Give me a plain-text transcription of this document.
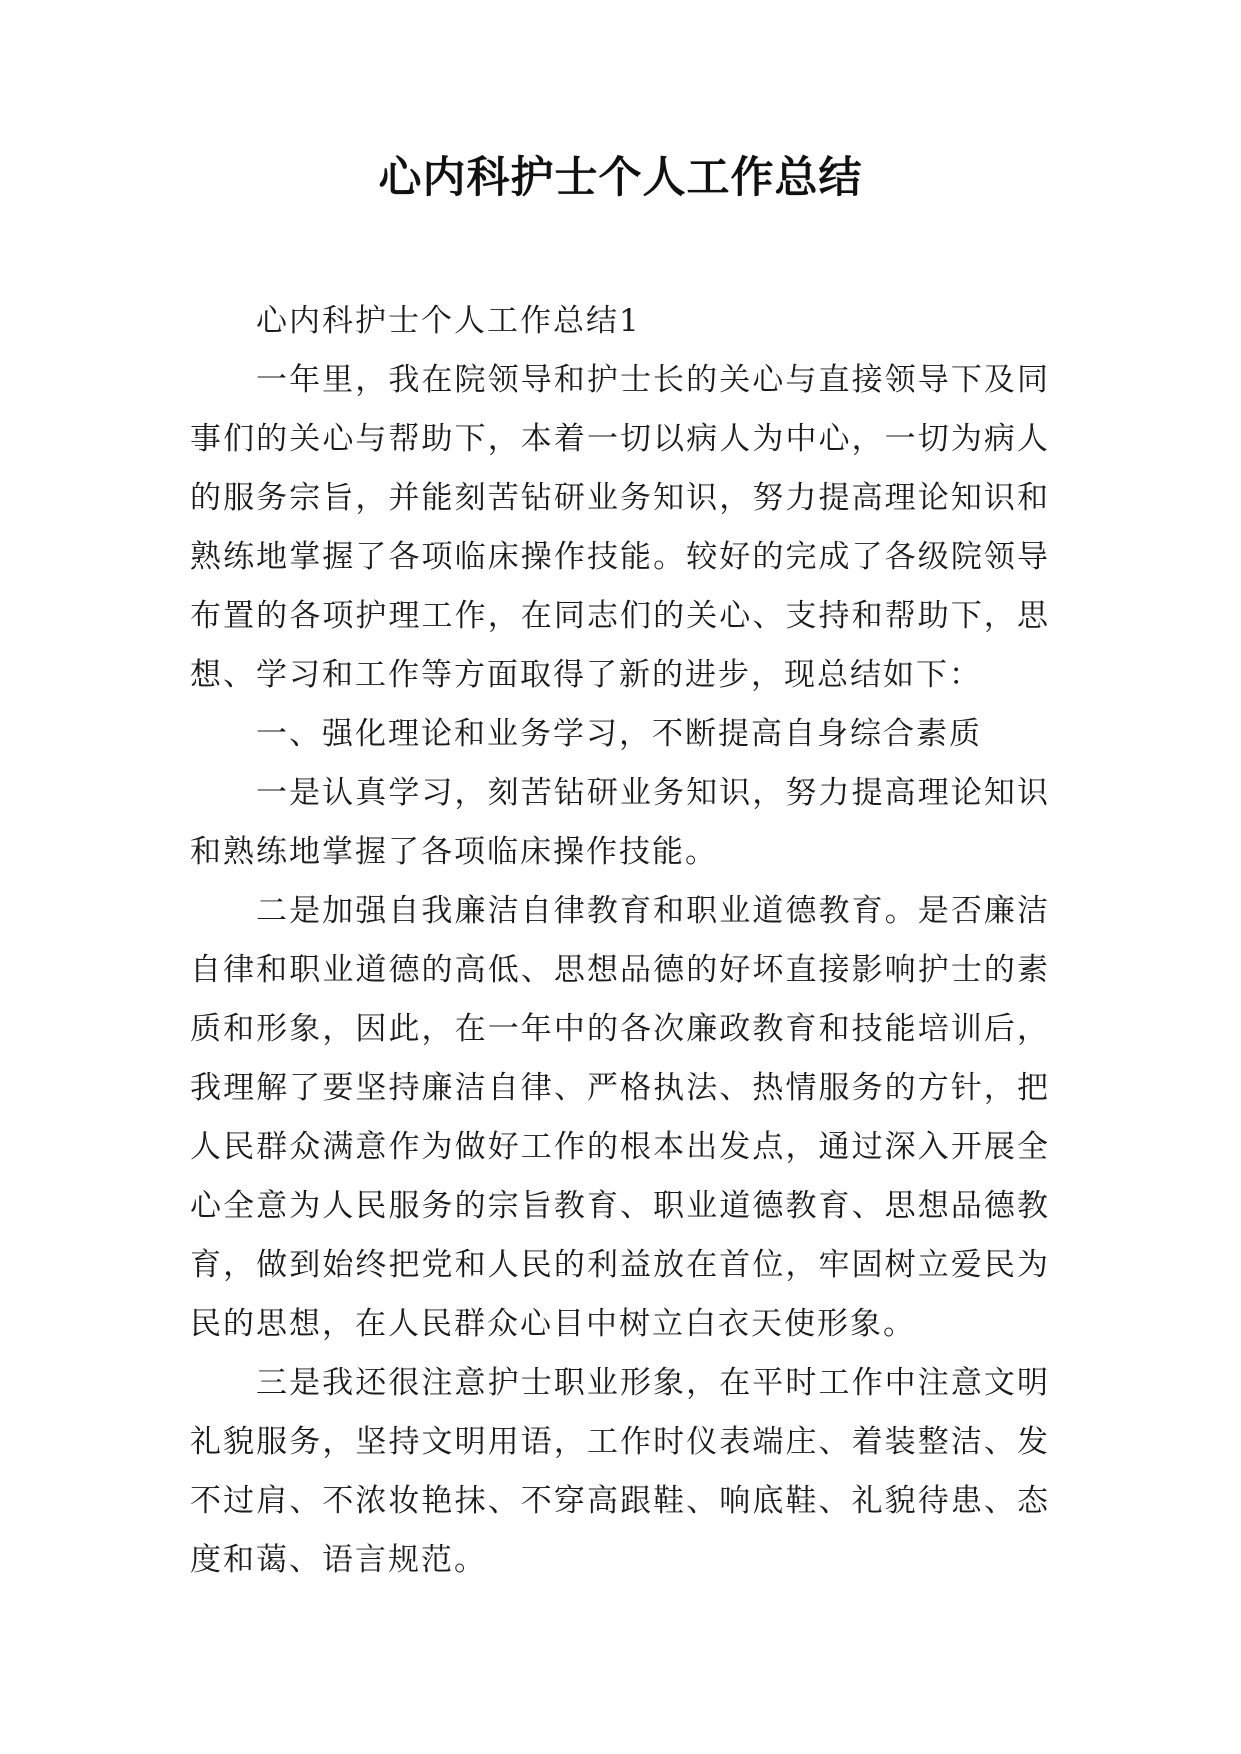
心内科护士个人工作总结

心内科护士个人工作总结1

一年里，我在院领导和护士长的关心与直接领导下及同事们的关心与帮助下，本着一切以病人为中心，一切为病人的服务宗旨，并能刻苦钻研业务知识，努力提高理论知识和熟练地掌握了各项临床操作技能。较好的完成了各级院领导布置的各项护理工作，在同志们的关心、支持和帮助下，思想、学习和工作等方面取得了新的进步，现总结如下：

一、强化理论和业务学习，不断提高自身综合素质

一是认真学习，刻苦钻研业务知识，努力提高理论知识和熟练地掌握了各项临床操作技能。

二是加强自我廉洁自律教育和职业道德教育。是否廉洁自律和职业道德的高低、思想品德的好坏直接影响护士的素质和形象，因此，在一年中的各次廉政教育和技能培训后，我理解了要坚持廉洁自律、严格执法、热情服务的方针，把人民群众满意作为做好工作的根本出发点，通过深入开展全心全意为人民服务的宗旨教育、职业道德教育、思想品德教育，做到始终把党和人民的利益放在首位，牢固树立爱民为民的思想，在人民群众心目中树立白衣天使形象。

三是我还很注意护士职业形象，在平时工作中注意文明礼貌服务，坚持文明用语，工作时仪表端庄、着装整洁、发不过肩、不浓妆艳抹、不穿高跟鞋、响底鞋、礼貌待患、态度和蔼、语言规范。
